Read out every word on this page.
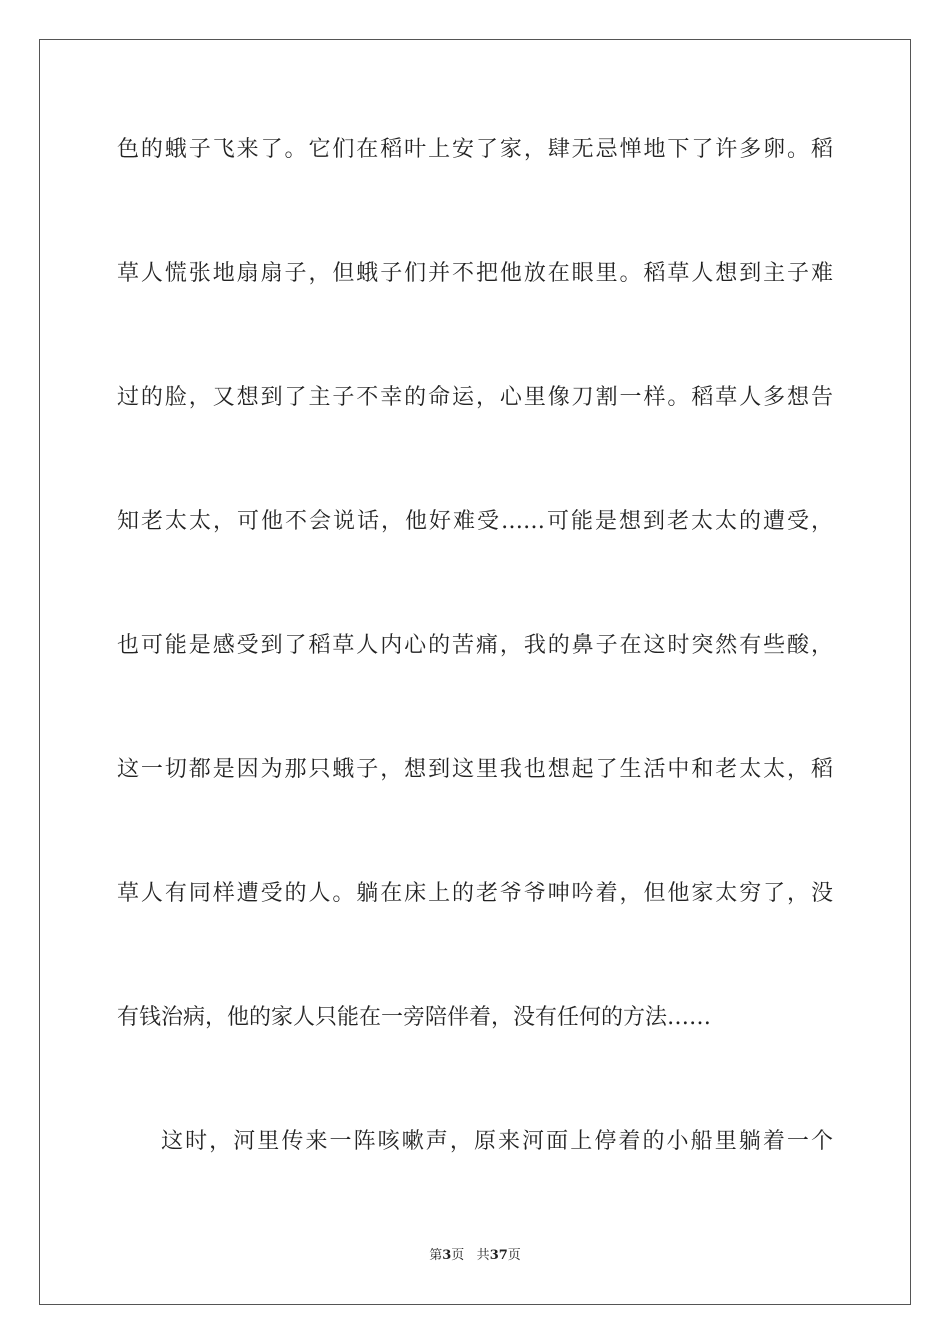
色的蛾子飞来了。它们在稻叶上安了家，肆无忌惮地下了许多卵。稻
草人慌张地扇扇子，但蛾子们并不把他放在眼里。稻草人想到主子难
过的脸，又想到了主子不幸的命运，心里像刀割一样。稻草人多想告
知老太太，可他不会说话，他好难受……可能是想到老太太的遭受，
也可能是感受到了稻草人内心的苦痛，我的鼻子在这时突然有些酸，
这一切都是因为那只蛾子，想到这里我也想起了生活中和老太太，稻
草人有同样遭受的人。躺在床上的老爷爷呻吟着，但他家太穷了，没
有钱治病，他的家人只能在一旁陪伴着，没有任何的方法……
这时，河里传来一阵咳嗽声，原来河面上停着的小船里躺着一个
第3页 共37页
